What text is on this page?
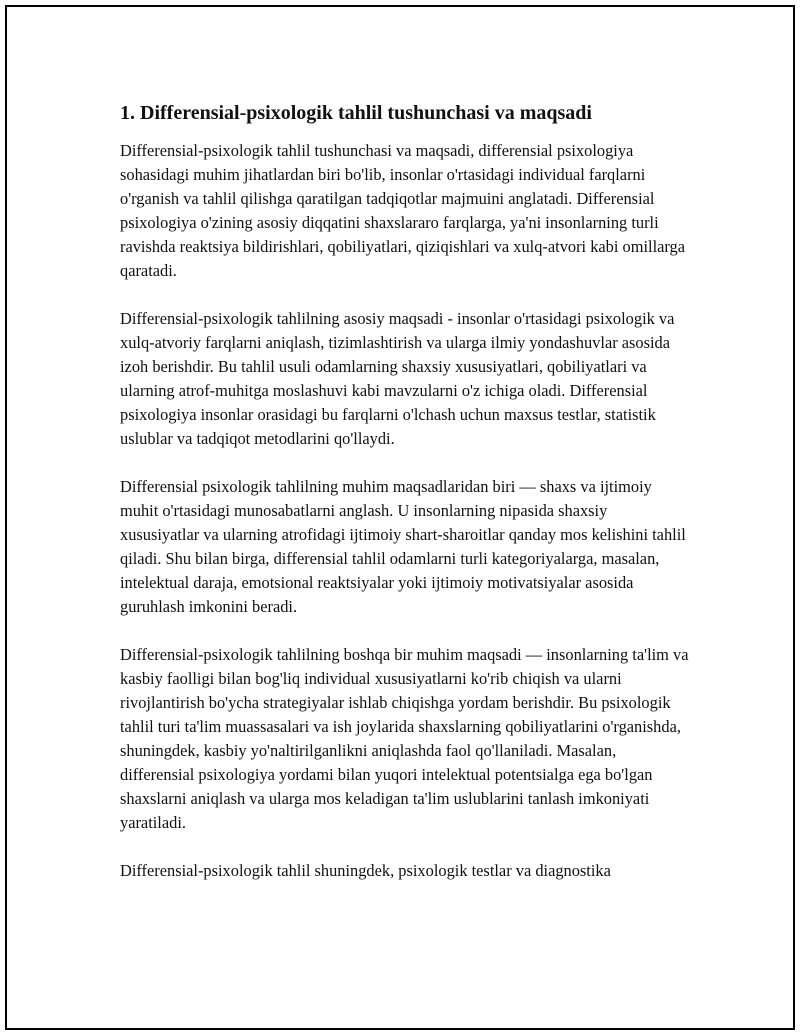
1. Differensial-psixologik tahlil tushunchasi va maqsadi

Differensial-psixologik tahlil tushunchasi va maqsadi, differensial psixologiya sohasidagi muhim jihatlardan biri bo'lib, insonlar o'rtasidagi individual farqlarni o'rganish va tahlil qilishga qaratilgan tadqiqotlar majmuini anglatadi. Differensial psixologiya o'zining asosiy diqqatini shaxslararo farqlarga, ya'ni insonlarning turli ravishda reaktsiya bildirishlari, qobiliyatlari, qiziqishlari va xulq-atvori kabi omillarga qaratadi.

Differensial-psixologik tahlilning asosiy maqsadi - insonlar o'rtasidagi psixologik va xulq-atvoriy farqlarni aniqlash, tizimlashtirish va ularga ilmiy yondashuvlar asosida izoh berishdir. Bu tahlil usuli odamlarning shaxsiy xususiyatlari, qobiliyatlari va ularning atrof-muhitga moslashuvi kabi mavzularni o'z ichiga oladi. Differensial psixologiya insonlar orasidagi bu farqlarni o'lchash uchun maxsus testlar, statistik uslublar va tadqiqot metodlarini qo'llaydi.

Differensial psixologik tahlilning muhim maqsadlaridan biri — shaxs va ijtimoiy muhit o'rtasidagi munosabatlarni anglash. U insonlarning nipasida shaxsiy xususiyatlar va ularning atrofidagi ijtimoiy shart-sharoitlar qanday mos kelishini tahlil qiladi. Shu bilan birga, differensial tahlil odamlarni turli kategoriyalarga, masalan, intelektual daraja, emotsional reaktsiyalar yoki ijtimoiy motivatsiyalar asosida guruhlash imkonini beradi.

Differensial-psixologik tahlilning boshqa bir muhim maqsadi — insonlarning ta'lim va kasbiy faolligi bilan bog'liq individual xususiyatlarni ko'rib chiqish va ularni rivojlantirish bo'ycha strategiyalar ishlab chiqishga yordam berishdir. Bu psixologik tahlil turi ta'lim muassasalari va ish joylarida shaxslarning qobiliyatlarini o'rganishda, shuningdek, kasbiy yo'naltirilganlikni aniqlashda faol qo'llaniladi. Masalan, differensial psixologiya yordami bilan yuqori intelektual potentsialga ega bo'lgan shaxslarni aniqlash va ularga mos keladigan ta'lim uslublarini tanlash imkoniyati yaratiladi.

Differensial-psixologik tahlil shuningdek, psixologik testlar va diagnostika
